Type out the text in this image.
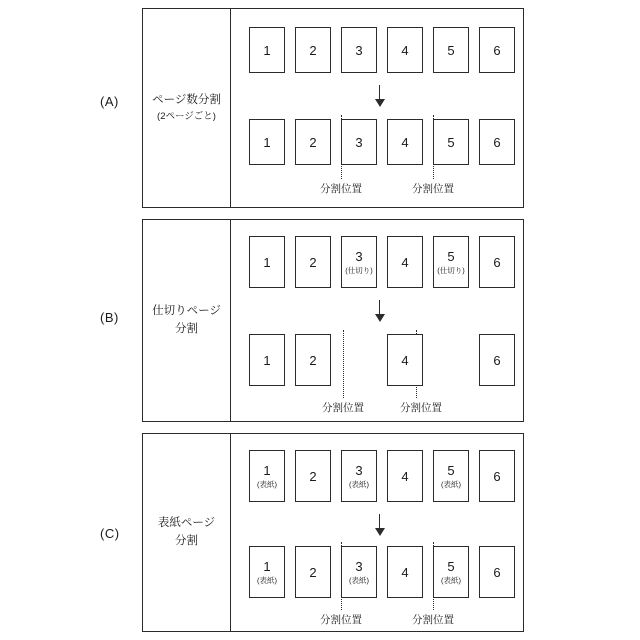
(A)	ページ数分割
(2ページごと)
1	2	3	4	5	6
1	2	3	4	5	6
分割位置	分割位置
(B)	仕切りページ
分割
1	2	3
(仕切り)
4	5
(仕切り)
6
1	2	4	6
分割位置	分割位置
(C)
表紙ページ
分割
1
(表紙)
2	3
(表紙)
4	5
(表紙)
6
1
(表紙)
2	3
(表紙)
4	5
(表紙)
6
分割位置	分割位置
